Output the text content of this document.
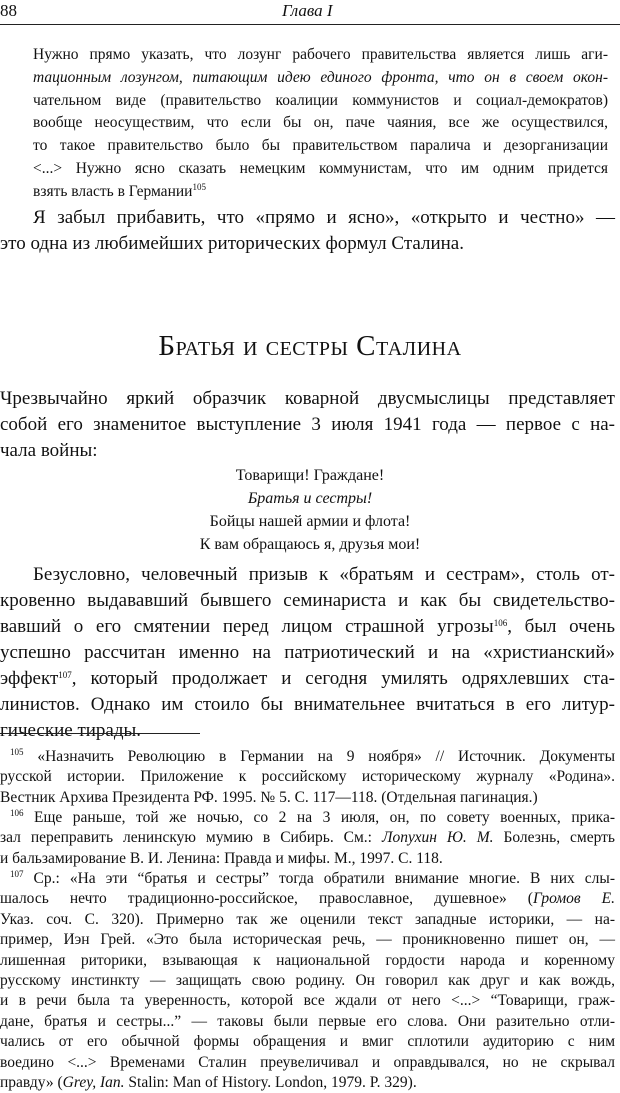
88	Глава I
Нужно прямо указать, что лозунг рабочего правительства является лишь аги-
тационным лозунгом, питающим идею единого фронта, что он в своем окон-
чательном виде (правительство коалиции коммунистов и социал-демократов)
вообще неосуществим, что если бы он, паче чаяния, все же осуществился,
то такое правительство было бы правительством паралича и дезорганизации
<...> Нужно ясно сказать немецким коммунистам, что им одним придется
взять власть в Германии$^{105}$
Я забыл прибавить, что «прямо и ясно», «открыто и честно» —
это одна из любимейших риторических формул Сталина.
Братья и сестры Сталина
Чрезвычайно яркий образчик коварной двусмыслицы представляет
собой его знаменитое выступление 3 июля 1941 года — первое с на-
чала войны:
Товарищи! Граждане!
Братья и сестры!
Бойцы нашей армии и флота!
К вам обращаюсь я, друзья мои!
Безусловно, человечный призыв к «братьям и сестрам», столь от-
кровенно выдававший бывшего семинариста и как бы свидетельство-
вавший о его смятении перед лицом страшной угрозы$^{106}$, был очень
успешно рассчитан именно на патриотический и на «христианский»
эффект$^{107}$, который продолжает и сегодня умилять одряхлевших ста-
линистов. Однако им стоило бы внимательнее вчитаться в его литур-
гические тирады.
$^{105}$ «Назначить Революцию в Германии на 9 ноября» // Источник. Документы
русской истории. Приложение к российскому историческому журналу «Родина».
Вестник Архива Президента РФ. 1995. № 5. С. 117—118. (Отдельная пагинация.)
$^{106}$ Еще раньше, той же ночью, со 2 на 3 июля, он, по совету военных, прика-
зал переправить ленинскую мумию в Сибирь. См.: Лопухин Ю. М. Болезнь, смерть
и бальзамирование В. И. Ленина: Правда и мифы. М., 1997. С. 118.
$^{107}$ Ср.: «На эти “братья и сестры” тогда обратили внимание многие. В них слы-
шалось нечто традиционно-российское, православное, душевное» (Громов Е.
Указ. соч. С. 320). Примерно так же оценили текст западные историки, — на-
пример, Иэн Грей. «Это была историческая речь, — проникновенно пишет он, —
лишенная риторики, взывающая к национальной гордости народа и коренному
русскому инстинкту — защищать свою родину. Он говорил как друг и как вождь,
и в речи была та уверенность, которой все ждали от него <...> “Товарищи, граж-
дане, братья и сестры...” — таковы были первые его слова. Они разительно отли-
чались от его обычной формы обращения и вмиг сплотили аудиторию с ним
воедино <...> Временами Сталин преувеличивал и оправдывался, но не скрывал
правду» (Grey, Ian. Stalin: Man of History. London, 1979. P. 329).
